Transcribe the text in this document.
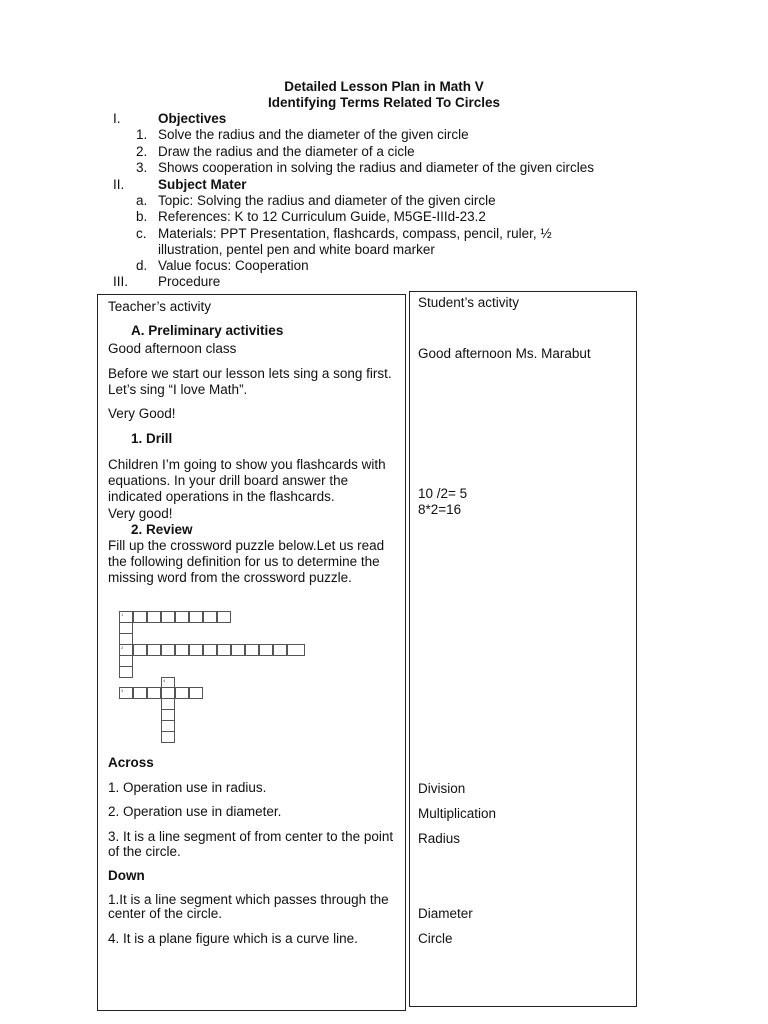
Detailed Lesson Plan in Math V
Identifying Terms Related To Circles
I.	Objectives
1. Solve the radius and the diameter of the given circle
2. Draw the radius and the diameter of a cicle
3. Shows cooperation in solving the radius and diameter of the given circles
II. Subject Mater
a. Topic: Solving the radius and diameter of the given circle
b. References: K to 12 Curriculum Guide, M5GE-IIId-23.2
c. Materials: PPT Presentation, flashcards, compass, pencil, ruler, ½
illustration, pentel pen and white board marker
d. Value focus: Cooperation
III. Procedure
Teacher’s activity
A. Preliminary activities
Good afternoon class
Before we start our lesson lets sing a song first. Let’s sing “I love Math”.
Very Good!
1. Drill
Children I’m going to show you flashcards with equations. In your drill board answer the indicated operations in the flashcards.
Very good!
2. Review
Fill up the crossword puzzle below.Let us read the following definition for us to determine the missing word from the crossword puzzle.
1
2
4
3
Across
1. Operation use in radius.
2. Operation use in diameter.
3. It is a line segment of from center to the point of the circle.
Down
1.It is a line segment which passes through the center of the circle.
4. It is a plane figure which is a curve line.
Student’s activity
Good afternoon Ms. Marabut
10 /2= 5
8*2=16
Division
Multiplication
Radius
Diameter
Circle
